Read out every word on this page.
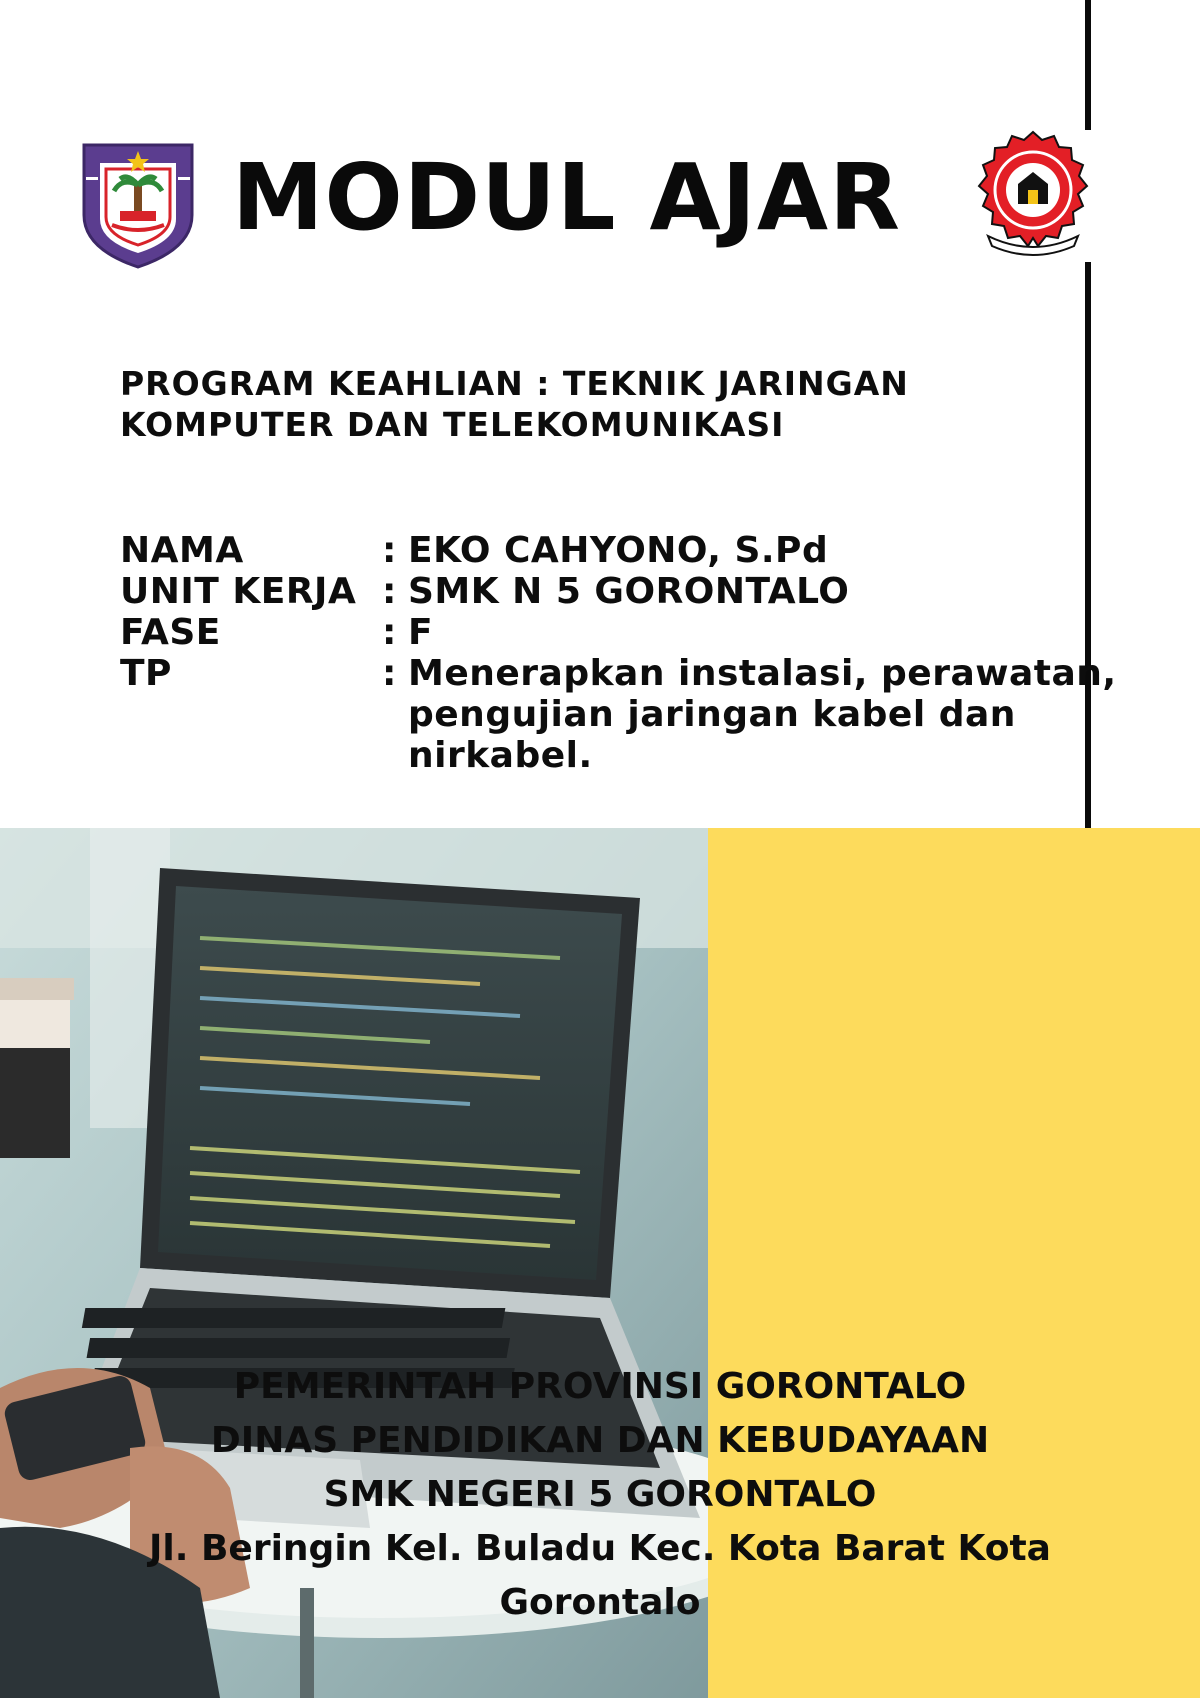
MODUL AJAR
PROGRAM KEAHLIAN : TEKNIK JARINGAN
KOMPUTER DAN TELEKOMUNIKASI
NAMA	: EKO CAHYONO, S.Pd
UNIT KERJA : SMK N 5 GORONTALO
FASE	: F
TP	: Menerapkan instalasi, perawatan, pengujian jaringan kabel dan nirkabel.
PEMERINTAH PROVINSI GORONTALO
DINAS PENDIDIKAN DAN KEBUDAYAAN
SMK NEGERI 5 GORONTALO
Jl. Beringin Kel. Buladu Kec. Kota Barat Kota
Gorontalo
